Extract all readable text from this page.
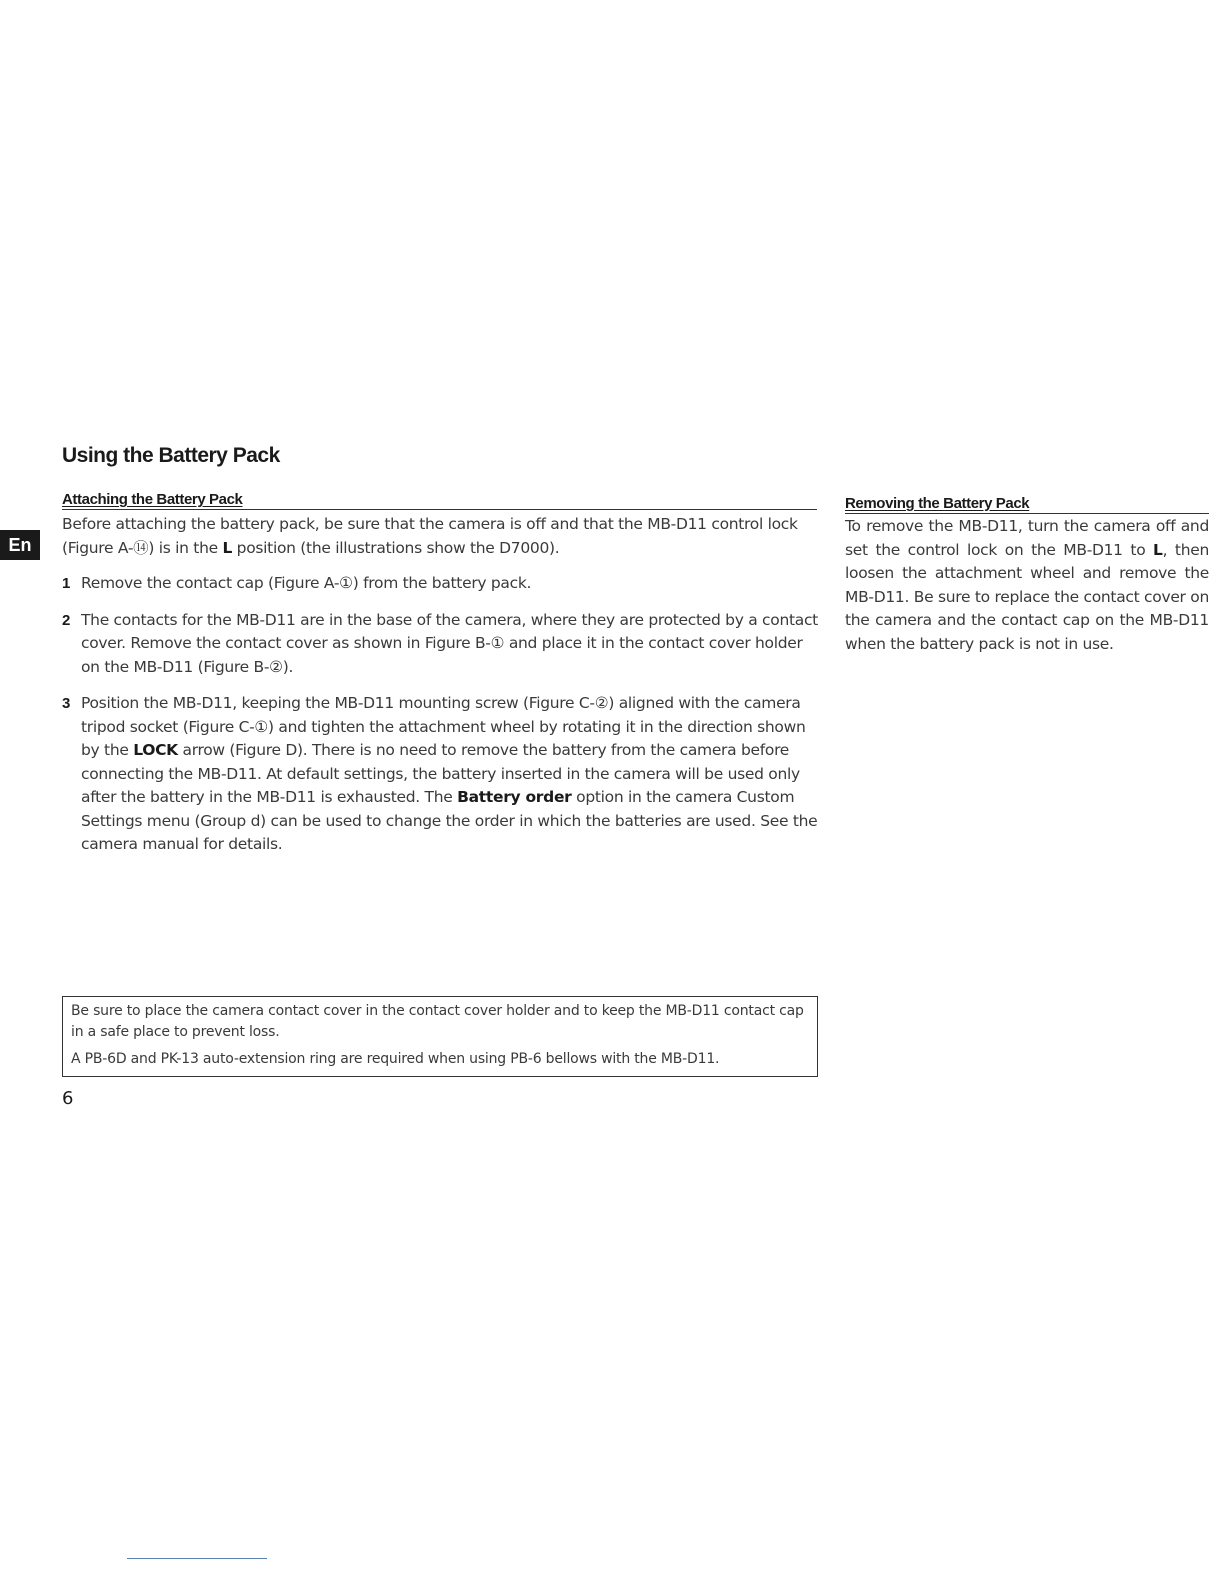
Using the Battery Pack
En
Attaching the Battery Pack

Before attaching the battery pack, be sure that the camera is off and that the MB-D11 control lock (Figure A-⑭) is in the L position (the illustrations show the D7000).

1 Remove the contact cap (Figure A-①) from the battery pack.
2 The contacts for the MB-D11 are in the base of the camera, where they are protected by a contact cover. Remove the contact cover as shown in Figure B-① and place it in the contact cover holder on the MB-D11 (Figure B-②).
3 Position the MB-D11, keeping the MB-D11 mounting screw (Figure C-②) aligned with the camera tripod socket (Figure C-①) and tighten the attachment wheel by rotating it in the direction shown by the LOCK arrow (Figure D). There is no need to remove the battery from the camera before connecting the MB-D11. At default settings, the battery inserted in the camera will be used only after the battery in the MB-D11 is exhausted. The Battery order option in the camera Custom Settings menu (Group d) can be used to change the order in which the batteries are used. See the camera manual for details.
Removing the Battery Pack

To remove the MB-D11, turn the camera off and set the control lock on the MB-D11 to L, then loosen the attachment wheel and remove the MB-D11. Be sure to replace the contact cover on the camera and the contact cap on the MB-D11 when the battery pack is not in use.

Be sure to place the camera contact cover in the contact cover holder and to keep the MB-D11 contact cap in a safe place to prevent loss.

A PB-6D and PK-13 auto-extension ring are required when using PB-6 bellows with the MB-D11.

6
